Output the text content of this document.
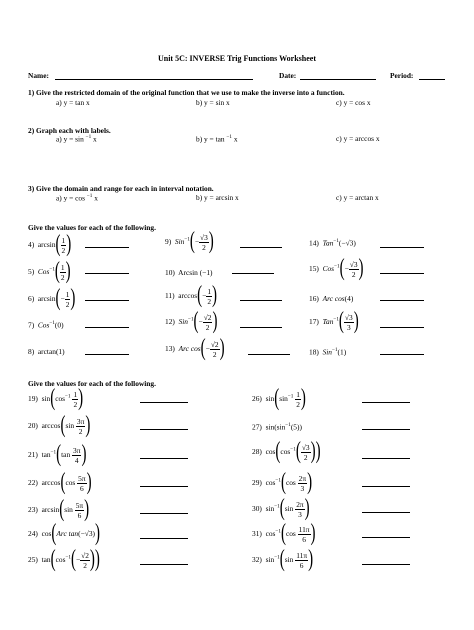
Unit 5C: INVERSE Trig Functions Worksheet
Name:	Date:	Period:
1) Give the restricted domain of the original function that we use to make the inverse into a function.
a) y = tan x	b) y = sin x	c) y = cos x
2) Graph each with labels.
a) y = sin $^{-1}$ x	b) y = tan $^{-1}$ x	c) y = arccos x
3) Give the domain and range for each in interval notation.
a) y = cos $^{-1}$ x	b) y = arcsin x	c) y = arctan x
Give the values for each of the following.
4) $\arcsin( \frac{1}{2}$ )	9) $Sin^{-1}(- \frac{√3}{2}$ )	14) Tan$^{-1}$(−√3)
5) $Cos^{-1}( \frac{1}{2}$ )	10) Arcsin (−1)	15) $Cos^{-1}(- \frac{√3}{2}$ )
6) $\arcsin(- \frac{1}{2}$ )	11) $\arccos(- \frac{1}{2}$ )	16) Arc cos(4)
7) Cos$^{-1}$(0)	12) $Sin^{-1}(- \frac{√2}{2}$ )	17) $Tan^{-1}( \frac{√3}{3}$ )
8) arctan(1)	13) Arc $\cos(- \frac{√2}{2}$ )	18) Sin$^{-1}$(1)
Give the values for each of the following.
19) $\sin(\cos^{-1} \frac{1}{2}$ )
20) $\arccos(\sin \frac{3\pi}{2}$ )
21) $\tan^{-1}(\tan \frac{3\pi}{4}$ )
22) $\arccos(\cos \frac{5\pi}{6}$ )
23) $\arcsin(\sin \frac{5\pi}{6}$ )
24) cos(Arc tan(−√3))
25) $\tan(\cos^{-1}(- \frac{√2}{2}$ ))
26) $\sin(\sin^{-1} \frac{1}{2}$ )
27) $\sin(\sin^{-1}(5))$
28) $\cos(\cos^{-1}( \frac{√3}{2}$ ))
29) $\cos^{-1}(\cos \frac{2\pi}{3}$ )
30) $\sin^{-1}(\sin \frac{2\pi}{3}$ )
31) $\cos^{-1}(\cos \frac{11\pi}{6}$ )
32) $\sin^{-1}(\sin \frac{11\pi}{6}$ )
